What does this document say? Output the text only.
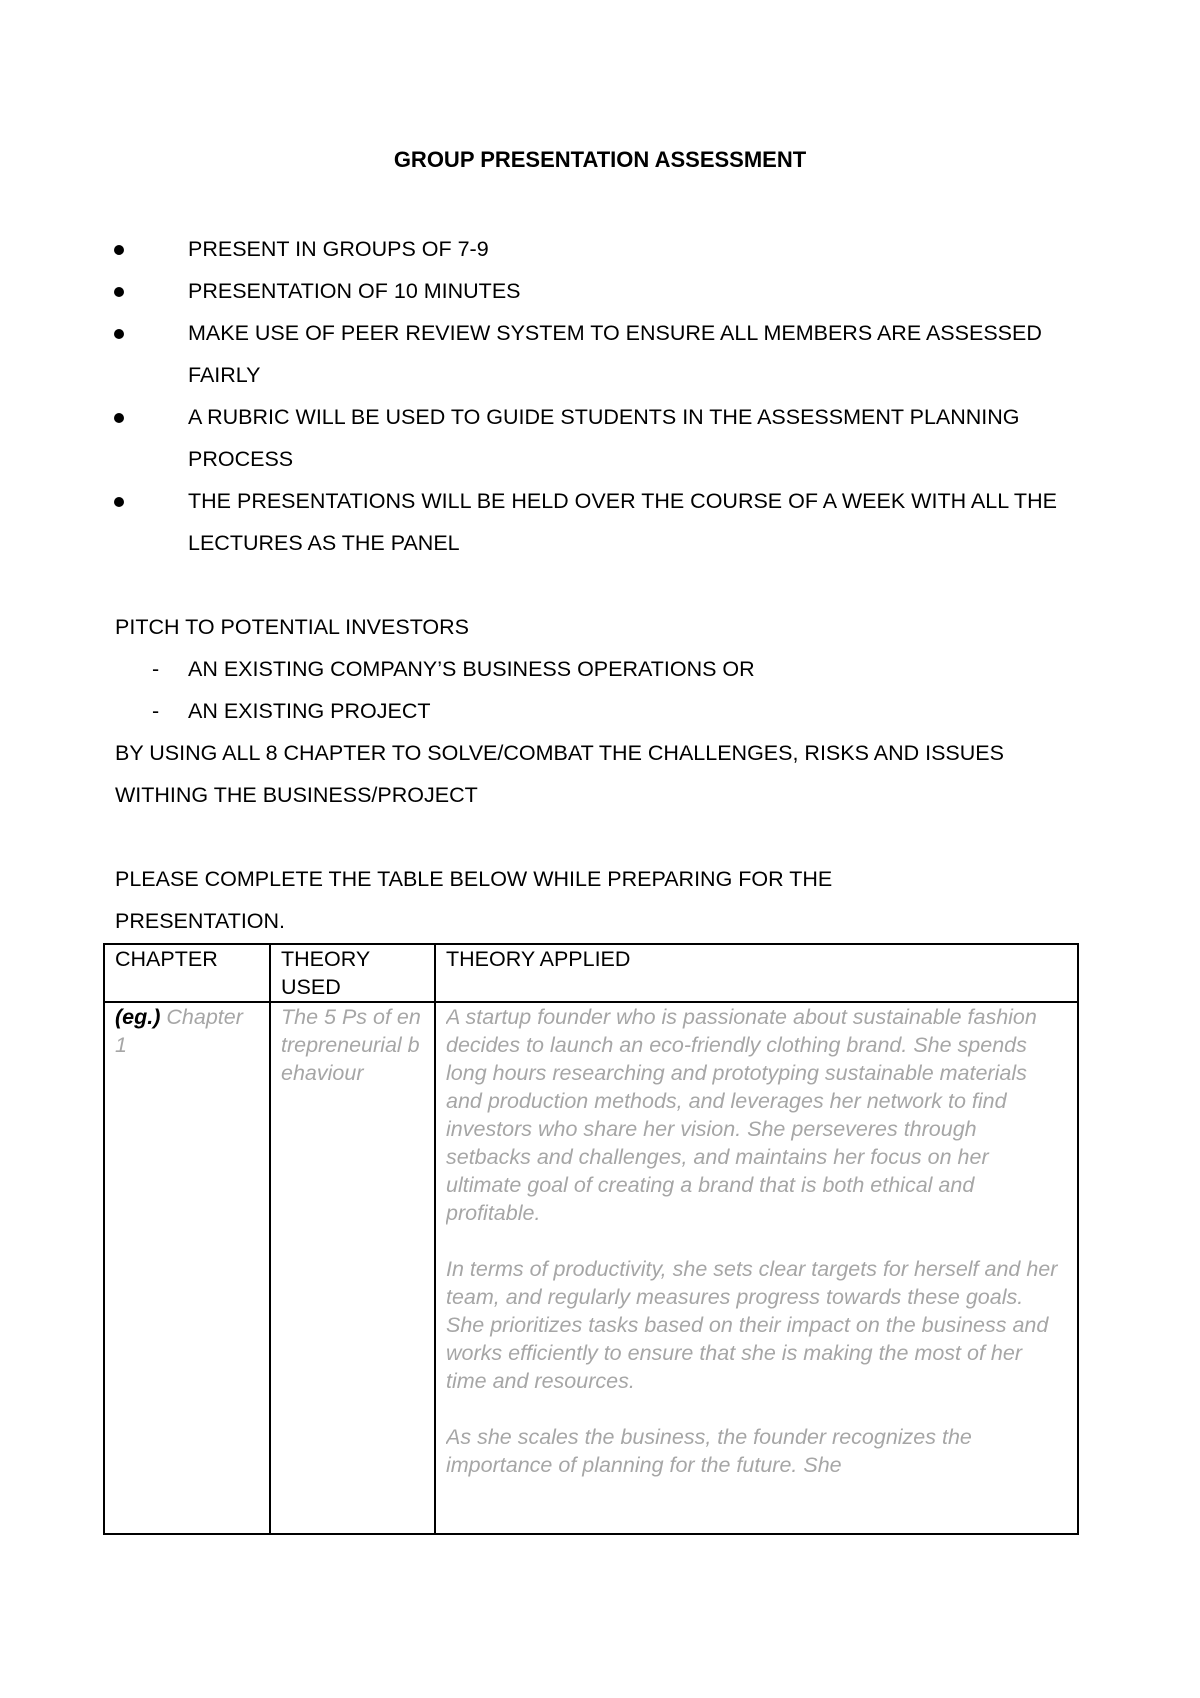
GROUP PRESENTATION ASSESSMENT
PRESENT IN GROUPS OF 7-9
PRESENTATION OF 10 MINUTES
MAKE USE OF PEER REVIEW SYSTEM TO ENSURE ALL MEMBERS ARE ASSESSED FAIRLY
A RUBRIC WILL BE USED TO GUIDE STUDENTS IN THE ASSESSMENT PLANNING PROCESS
THE PRESENTATIONS WILL BE HELD OVER THE COURSE OF A WEEK WITH ALL THE LECTURES AS THE PANEL
PITCH TO POTENTIAL INVESTORS
- AN EXISTING COMPANY’S BUSINESS OPERATIONS OR
- AN EXISTING PROJECT
BY USING ALL 8 CHAPTER TO SOLVE/COMBAT THE CHALLENGES, RISKS AND ISSUES WITHING THE BUSINESS/PROJECT
PLEASE COMPLETE THE TABLE BELOW WHILE PREPARING FOR THE PRESENTATION.
CHAPTER	THEORY USED	THEORY APPLIED
(eg.) Chapter 1	The 5 Ps of entrepreneurial behaviour	A startup founder who is passionate about sustainable fashion decides to launch an eco-friendly clothing brand. She spends long hours researching and prototyping sustainable materials and production methods, and leverages her network to find investors who share her vision. She perseveres through setbacks and challenges, and maintains her focus on her ultimate goal of creating a brand that is both ethical and profitable.

In terms of productivity, she sets clear targets for herself and her team, and regularly measures progress towards these goals. She prioritizes tasks based on their impact on the business and works efficiently to ensure that she is making the most of her time and resources.

As she scales the business, the founder recognizes the importance of planning for the future. She
